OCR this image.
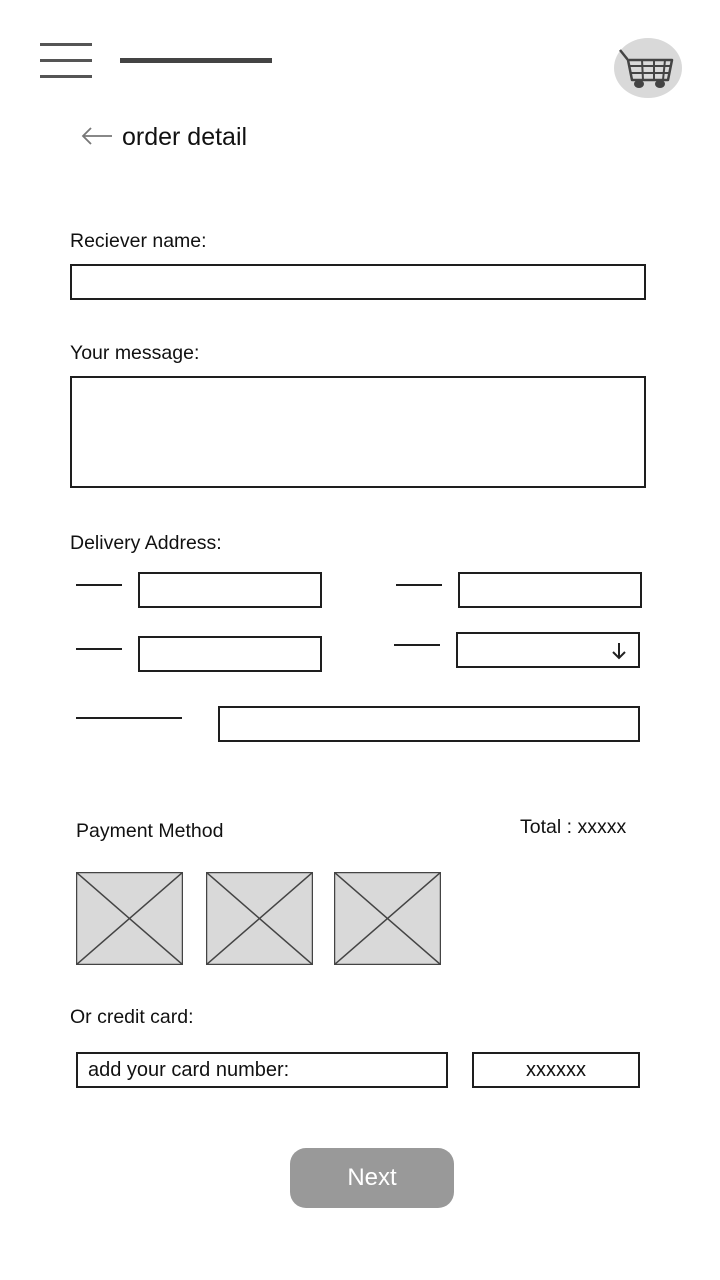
order detail
Reciever name:
Your message:
Delivery Address:
Payment Method	Total : xxxxx
Or credit card:
add your card number:
xxxxxx
Next
